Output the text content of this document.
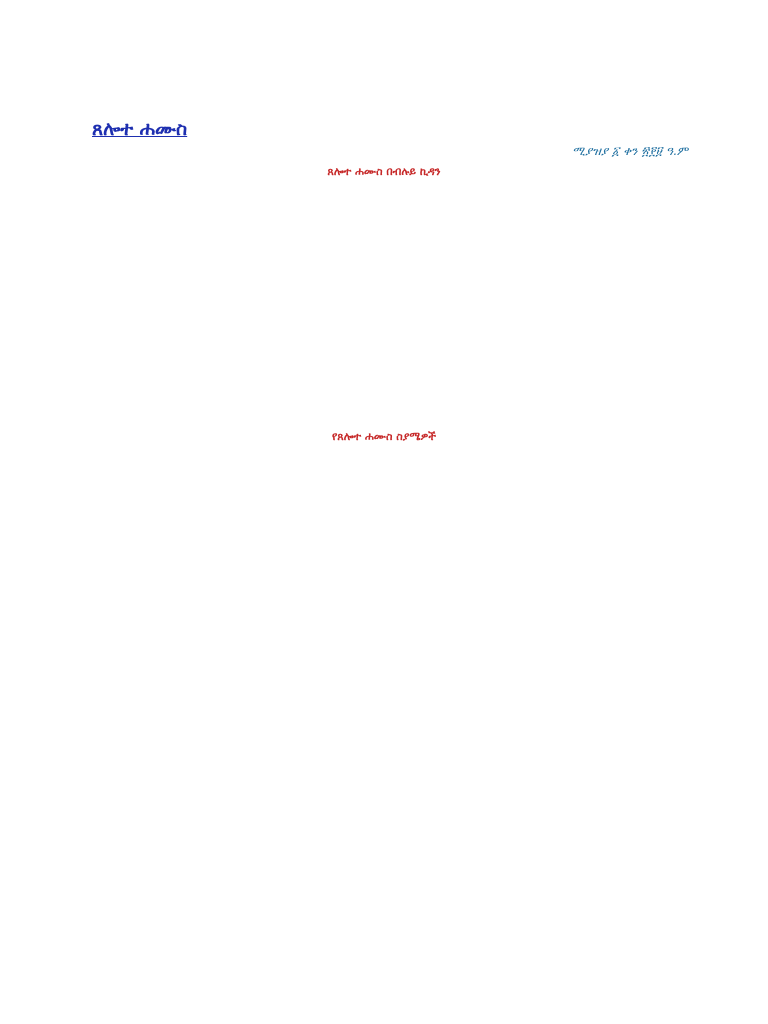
ጸሎተ ሐሙስ
ሚያዝያ ፩ ቀን ፳፻፱ ዓ.ም
ጸሎተ ሐሙስ በብሉይ ኪዳን

የጸሎተ ሐሙስ ስያሜዎች
